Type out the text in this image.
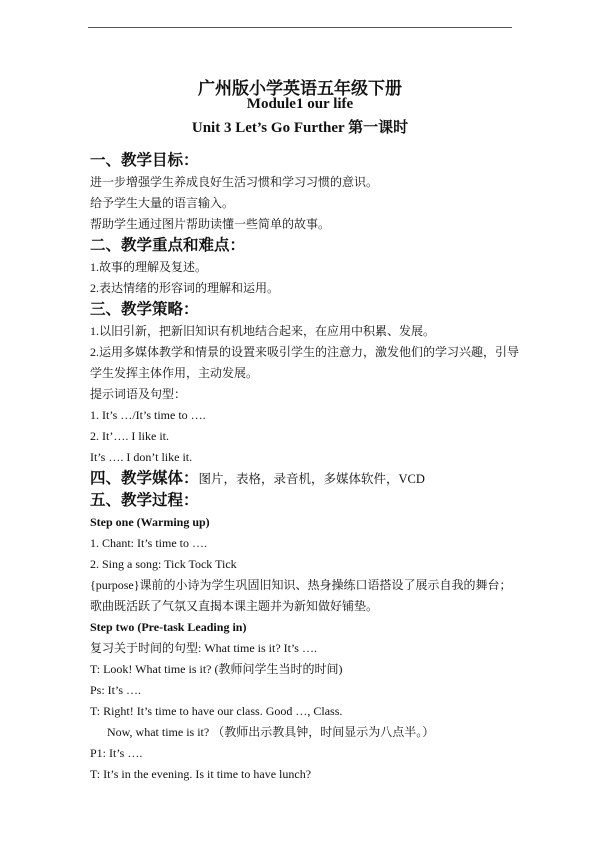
广州版小学英语五年级下册
Module1 our life
Unit 3 Let’s Go Further 第一课时
一、教学目标：
进一步增强学生养成良好生活习惯和学习习惯的意识。
给予学生大量的语言输入。
帮助学生通过图片帮助读懂一些简单的故事。
二、教学重点和难点：
1.故事的理解及复述。
2.表达情绪的形容词的理解和运用。
三、教学策略：
1.以旧引新，把新旧知识有机地结合起来，在应用中积累、发展。
2.运用多媒体教学和情景的设置来吸引学生的注意力，激发他们的学习兴趣，引导学生发挥主体作用，主动发展。
提示词语及句型：
1. It’s …/It’s time to ….
2. It’…. I like it.
It’s …. I don’t like it.
四、教学媒体：图片，表格，录音机，多媒体软件，VCD
五、教学过程：
Step one (Warming up)
1. Chant: It’s time to ….
2. Sing a song: Tick Tock Tick
{purpose}课前的小诗为学生巩固旧知识、热身操练口语搭设了展示自我的舞台；歌曲既活跃了气氛又直揭本课主题并为新知做好铺垫。
Step two (Pre-task Leading in)
复习关于时间的句型: What time is it? It’s ….
T: Look! What time is it? (教师问学生当时的时间)
Ps: It’s ….
T: Right! It’s time to have our class. Good …, Class.
Now, what time is it? （教师出示教具钟，时间显示为八点半。）
P1: It’s ….
T: It’s in the evening. Is it time to have lunch?
